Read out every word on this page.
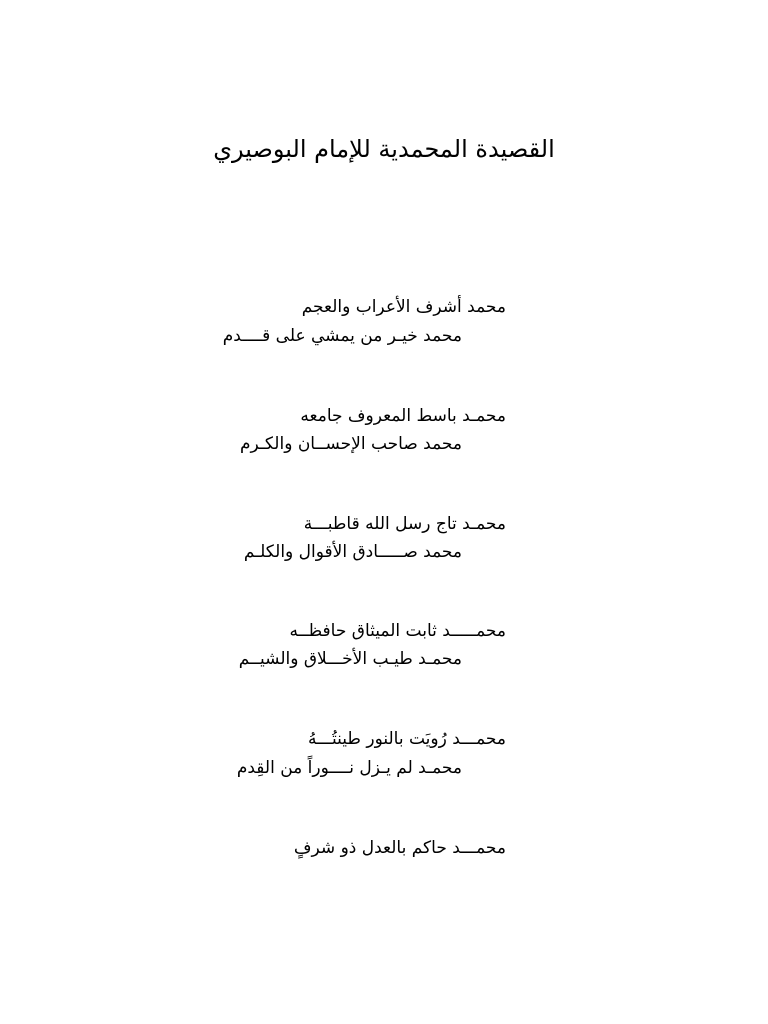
القصيدة المحمدية للإمام البوصيري
محمد أشرف الأعراب والعجم
محمد خيـر من يمشي على قــــدم
محمـد باسط المعروف جامعه
محمد صاحب الإحســان والكـرم
محمـد تاج رسل الله قاطبـــة
محمد صـــــادق الأقوال والكلـم
محمـــــد ثابت الميثاق حافظــه
محمـد طيـب الأخـــلاق والشيــم
محمـــد رُويَت بالنور طينتُـــهُ
محمـد لم يـزل نــــوراً من القِدم
محمـــد حاكم بالعدل ذو شرفٍ
